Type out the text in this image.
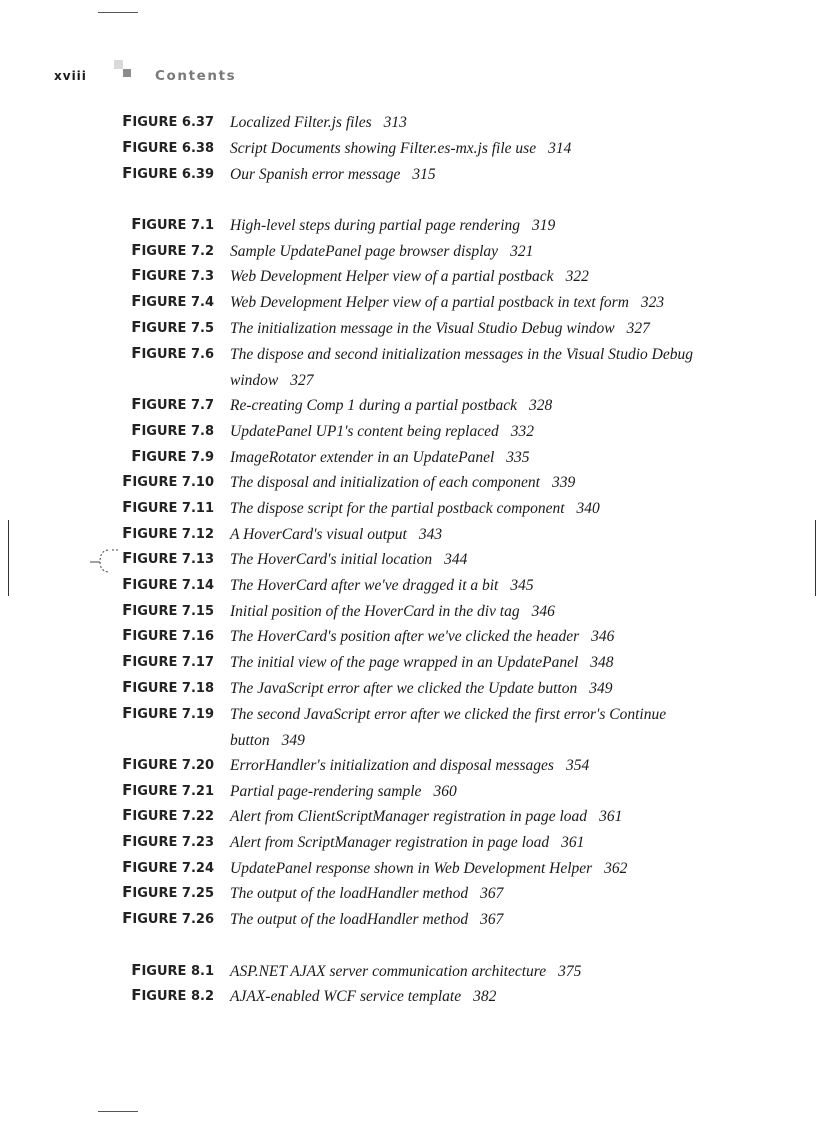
xviii	Contents
FIGURE 6.37 Localized Filter.js files 313
FIGURE 6.38 Script Documents showing Filter.es-mx.js file use 314
FIGURE 6.39 Our Spanish error message 315
FIGURE 7.1 High-level steps during partial page rendering 319
FIGURE 7.2 Sample UpdatePanel page browser display 321
FIGURE 7.3 Web Development Helper view of a partial postback 322
FIGURE 7.4 Web Development Helper view of a partial postback in text form 323
FIGURE 7.5 The initialization message in the Visual Studio Debug window 327
FIGURE 7.6 The dispose and second initialization messages in the Visual Studio Debug window 327
FIGURE 7.7 Re-creating Comp 1 during a partial postback 328
FIGURE 7.8 UpdatePanel UP1's content being replaced 332
FIGURE 7.9 ImageRotator extender in an UpdatePanel 335
FIGURE 7.10 The disposal and initialization of each component 339
FIGURE 7.11 The dispose script for the partial postback component 340
FIGURE 7.12 A HoverCard's visual output 343
FIGURE 7.13 The HoverCard's initial location 344
FIGURE 7.14 The HoverCard after we've dragged it a bit 345
FIGURE 7.15 Initial position of the HoverCard in the div tag 346
FIGURE 7.16 The HoverCard's position after we've clicked the header 346
FIGURE 7.17 The initial view of the page wrapped in an UpdatePanel 348
FIGURE 7.18 The JavaScript error after we clicked the Update button 349
FIGURE 7.19 The second JavaScript error after we clicked the first error's Continue button 349
FIGURE 7.20 ErrorHandler's initialization and disposal messages 354
FIGURE 7.21 Partial page-rendering sample 360
FIGURE 7.22 Alert from ClientScriptManager registration in page load 361
FIGURE 7.23 Alert from ScriptManager registration in page load 361
FIGURE 7.24 UpdatePanel response shown in Web Development Helper 362
FIGURE 7.25 The output of the loadHandler method 367
FIGURE 7.26 The output of the loadHandler method 367
FIGURE 8.1 ASP.NET AJAX server communication architecture 375
FIGURE 8.2 AJAX-enabled WCF service template 382
